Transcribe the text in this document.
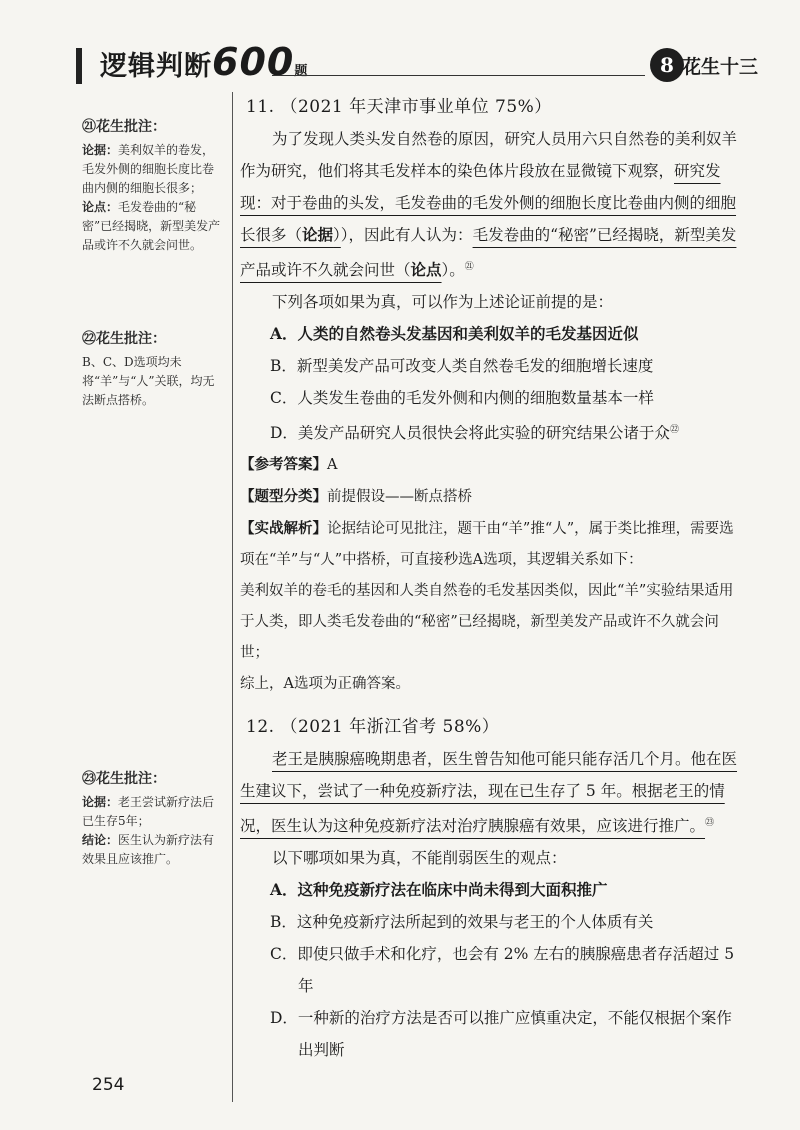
逻辑判断600题	8 花生十三
㉑花生批注：
论据：美利奴羊的卷发，毛发外侧的细胞长度比卷曲内侧的细胞长很多；
论点：毛发卷曲的“秘密”已经揭晓，新型美发产品或许不久就会问世。
㉒花生批注：
B、C、D选项均未将“羊”与“人”关联，均无法断点搭桥。
㉓花生批注：
论据：老王尝试新疗法后已生存5年；
结论：医生认为新疗法有效果且应该推广。
11. （2021 年天津市事业单位 75%）
为了发现人类头发自然卷的原因，研究人员用六只自然卷的美利奴羊作为研究，他们将其毛发样本的染色体片段放在显微镜下观察，研究发现：对于卷曲的头发，毛发卷曲的毛发外侧的细胞长度比卷曲内侧的细胞长很多（论据）），因此有人认为：毛发卷曲的“秘密”已经揭晓，新型美发产品或许不久就会问世（论点）。$^㉑$
下列各项如果为真，可以作为上述论证前提的是：
A．人类的自然卷头发基因和美利奴羊的毛发基因近似
B．新型美发产品可改变人类自然卷毛发的细胞增长速度
C．人类发生卷曲的毛发外侧和内侧的细胞数量基本一样
D．美发产品研究人员很快会将此实验的研究结果公诸于众$^㉒$
【参考答案】A
【题型分类】前提假设——断点搭桥
【实战解析】论据结论可见批注，题干由“羊”推“人”，属于类比推理，需要选项在“羊”与“人”中搭桥，可直接秒选A选项，其逻辑关系如下：
美利奴羊的卷毛的基因和人类自然卷的毛发基因类似，因此“羊”实验结果适用于人类，即人类毛发卷曲的“秘密”已经揭晓，新型美发产品或许不久就会问世；
综上，A选项为正确答案。
12. （2021 年浙江省考 58%）
老王是胰腺癌晚期患者，医生曾告知他可能只能存活几个月。他在医生建议下，尝试了一种免疫新疗法，现在已生存了 5 年。根据老王的情况，医生认为这种免疫新疗法对治疗胰腺癌有效果，应该进行推广。$^㉓$
以下哪项如果为真，不能削弱医生的观点：
A．这种免疫新疗法在临床中尚未得到大面积推广
B．这种免疫新疗法所起到的效果与老王的个人体质有关
C．即使只做手术和化疗，也会有 2% 左右的胰腺癌患者存活超过 5 年
D．一种新的治疗方法是否可以推广应慎重决定，不能仅根据个案作出判断
254
